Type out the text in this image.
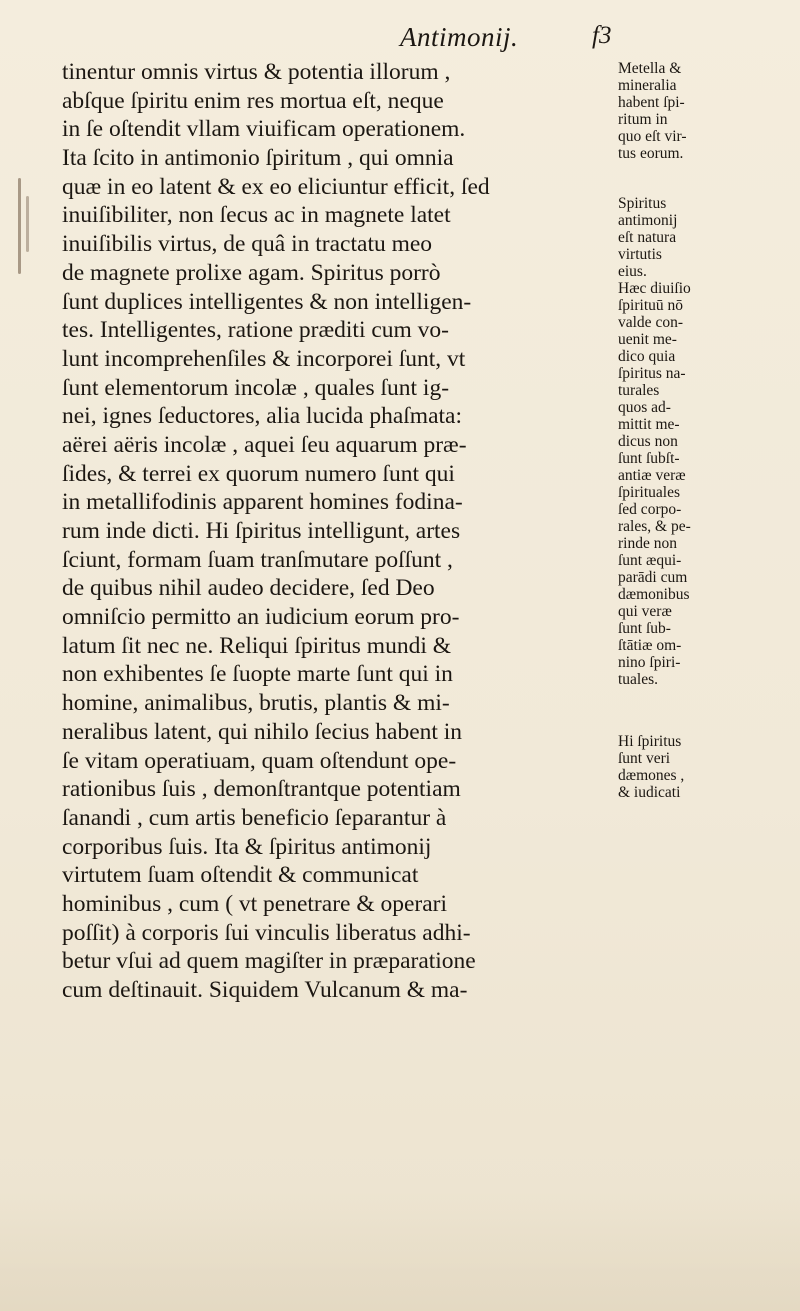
Antimonij.	f3
tinentur omnis virtus & potentia illorum ,
abſque ſpiritu enim res mortua eſt, neque
in ſe oſtendit vllam viuificam operationem.
Ita ſcito in antimonio ſpiritum , qui omnia
quæ in eo latent & ex eo eliciuntur efficit, ſed
inuiſibiliter, non ſecus ac in magnete latet
inuiſibilis virtus, de quâ in tractatu meo
de magnete prolixe agam. Spiritus porrò
ſunt duplices intelligentes & non intelligen-
tes. Intelligentes, ratione præditi cum vo-
lunt incomprehenſiles & incorporei ſunt, vt
ſunt elementorum incolæ , quales ſunt ig-
nei, ignes ſeductores, alia lucida phaſmata:
aërei aëris incolæ , aquei ſeu aquarum præ-
ſides, & terrei ex quorum numero ſunt qui
in metallifodinis apparent homines fodina-
rum inde dicti. Hi ſpiritus intelligunt, artes
ſciunt, formam ſuam tranſmutare poſſunt ,
de quibus nihil audeo decidere, ſed Deo
omniſcio permitto an iudicium eorum pro-
latum ſit nec ne. Reliqui ſpiritus mundi &
non exhibentes ſe ſuopte marte ſunt qui in
homine, animalibus, brutis, plantis & mi-
neralibus latent, qui nihilo ſecius habent in
ſe vitam operatiuam, quam oſtendunt ope-
rationibus ſuis , demonſtrantque potentiam
ſanandi , cum artis beneficio ſeparantur à
corporibus ſuis. Ita & ſpiritus antimonij
virtutem ſuam oſtendit & communicat
hominibus , cum ( vt penetrare & operari
poſſit) à corporis ſui vinculis liberatus adhi-
betur vſui ad quem magiſter in præparatione
cum deſtinauit. Siquidem Vulcanum & ma-
Metella &
mineralia
habent ſpi-
ritum in
quo eſt vir-
tus eorum.
Spiritus
antimonij
eſt natura
virtutis
eius.
Hæc diuiſio
ſpirituū nō
valde con-
uenit me-
dico quia
ſpiritus na-
turales
quos ad-
mittit me-
dicus non
ſunt ſubſt-
antiæ veræ
ſpirituales
ſed corpo-
rales, & pe-
rinde non
ſunt æqui-
parādi cum
dæmonibus
qui veræ
ſunt ſub-
ſtātiæ om-
nino ſpiri-
tuales.
Hi ſpiritus
ſunt veri
dæmones ,
& iudicati
